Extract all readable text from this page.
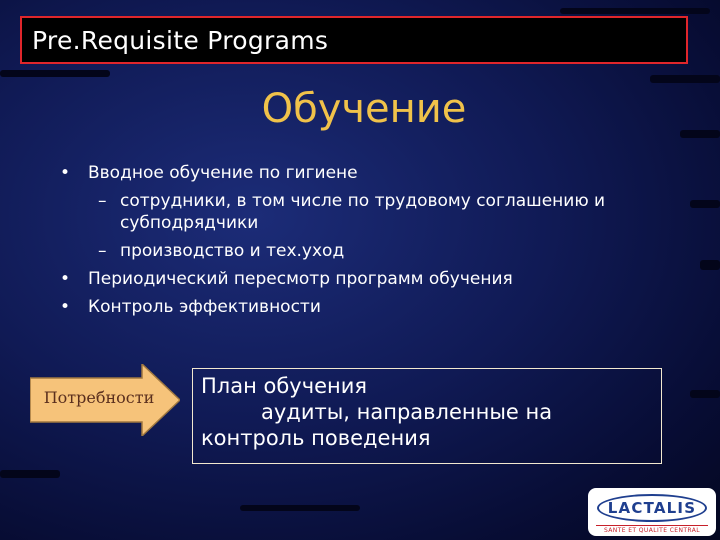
Pre.Requisite Programs
Обучение
• Вводное обучение по гигиене
– сотрудники, в том числе по трудовому соглашению и
субподрядчики
– производство и тех.уход
• Периодический пересмотр программ обучения
• Контроль эффективности
Потребности	План обучения
аудиты, направленные на
контроль поведения
LACTALIS
SANTE ET QUALITE CENTRAL
